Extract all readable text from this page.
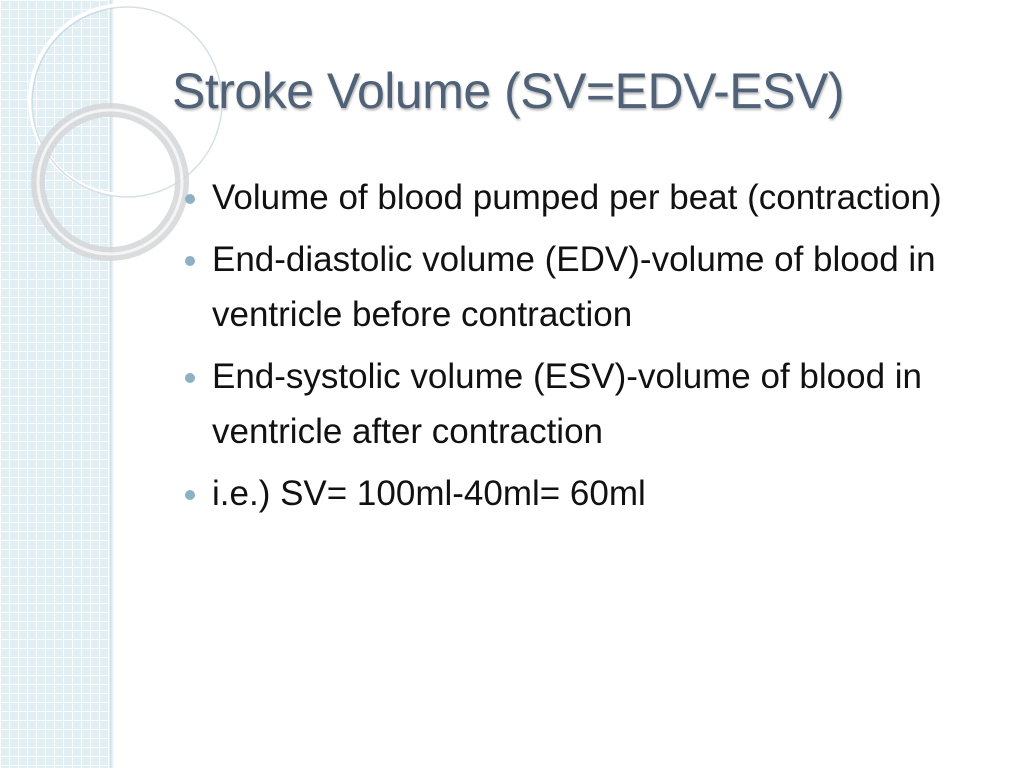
Stroke Volume (SV=EDV-ESV)
Volume of blood pumped per beat (contraction)
End-diastolic volume (EDV)-volume of blood in ventricle before contraction
End-systolic volume (ESV)-volume of blood in ventricle after contraction
i.e.) SV= 100ml-40ml= 60ml
